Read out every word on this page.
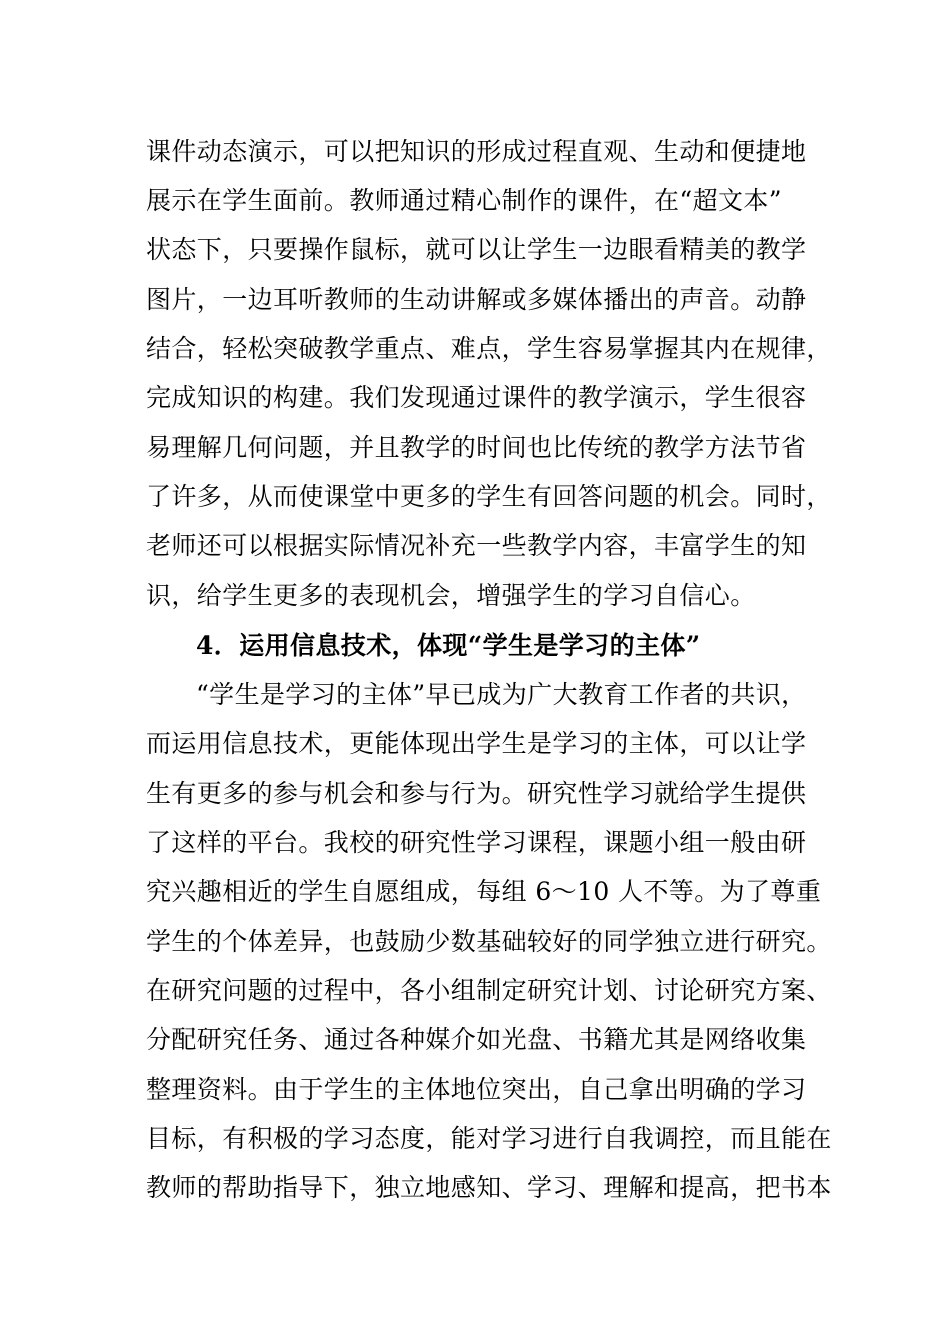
课件动态演示，可以把知识的形成过程直观、生动和便捷地
展示在学生面前。教师通过精心制作的课件，在“超文本”
状态下，只要操作鼠标，就可以让学生一边眼看精美的教学
图片，一边耳听教师的生动讲解或多媒体播出的声音。动静
结合，轻松突破教学重点、难点，学生容易掌握其内在规律，
完成知识的构建。我们发现通过课件的教学演示，学生很容
易理解几何问题，并且教学的时间也比传统的教学方法节省
了许多，从而使课堂中更多的学生有回答问题的机会。同时，
老师还可以根据实际情况补充一些教学内容，丰富学生的知
识，给学生更多的表现机会，增强学生的学习自信心。
4．运用信息技术，体现“学生是学习的主体”
“学生是学习的主体”早已成为广大教育工作者的共识，
而运用信息技术，更能体现出学生是学习的主体，可以让学
生有更多的参与机会和参与行为。研究性学习就给学生提供
了这样的平台。我校的研究性学习课程，课题小组一般由研
究兴趣相近的学生自愿组成，每组 6～10 人不等。为了尊重
学生的个体差异，也鼓励少数基础较好的同学独立进行研究。
在研究问题的过程中，各小组制定研究计划、讨论研究方案、
分配研究任务、通过各种媒介如光盘、书籍尤其是网络收集
整理资料。由于学生的主体地位突出，自己拿出明确的学习
目标，有积极的学习态度，能对学习进行自我调控，而且能在
教师的帮助指导下，独立地感知、学习、理解和提高，把书本
